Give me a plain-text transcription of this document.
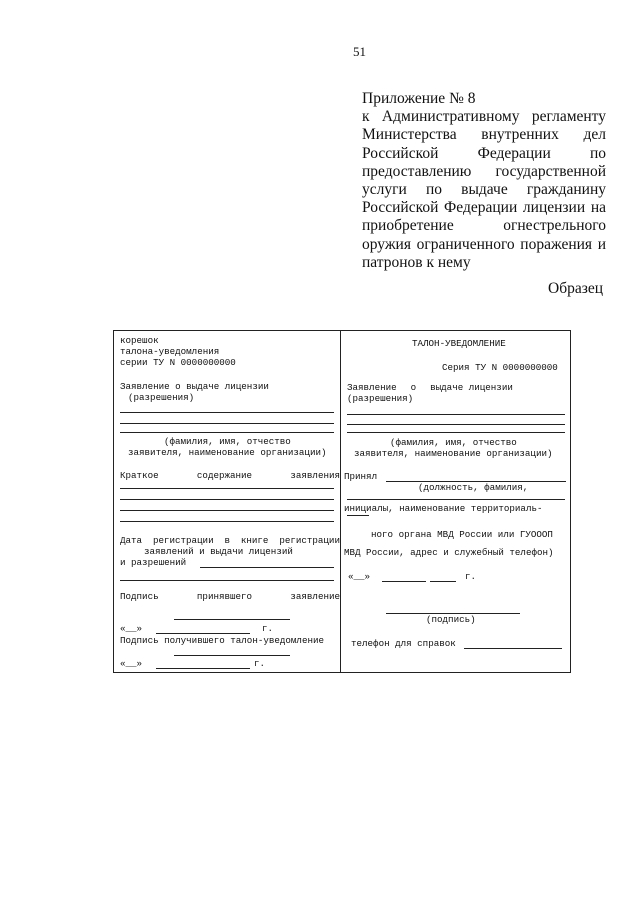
51
Приложение № 8
к Административному регламенту
Министерства внутренних дел
Российской Федерации по
предоставлению государственной
услуги по выдаче гражданину
Российской Федерации лицензии на
приобретение огнестрельного
оружия ограниченного поражения и
патронов к нему
Образец
корешок
талона-уведомления
серии ТУ N 0000000000
Заявление о выдаче лицензии
(разрешения)
(фамилия, имя, отчество
заявителя, наименование организации)
Краткое	содержание	заявления
Дата регистрации в книге регистрации
заявлений и выдачи лицензий
и разрешений
Подпись	принявшего	заявление
«__»	г.
Подпись получившего талон-уведомление
«__»	г.
ТАЛОН-УВЕДОМЛЕНИЕ
Серия ТУ N 0000000000
Заявление о выдаче лицензии
(разрешения)
(фамилия, имя, отчество
заявителя, наименование организации)
Принял
(должность, фамилия,
инициалы, наименование территориаль-
ного органа МВД России или ГУОООП
МВД России, адрес и служебный телефон)
«__»	г.
(подпись)
телефон для справок
